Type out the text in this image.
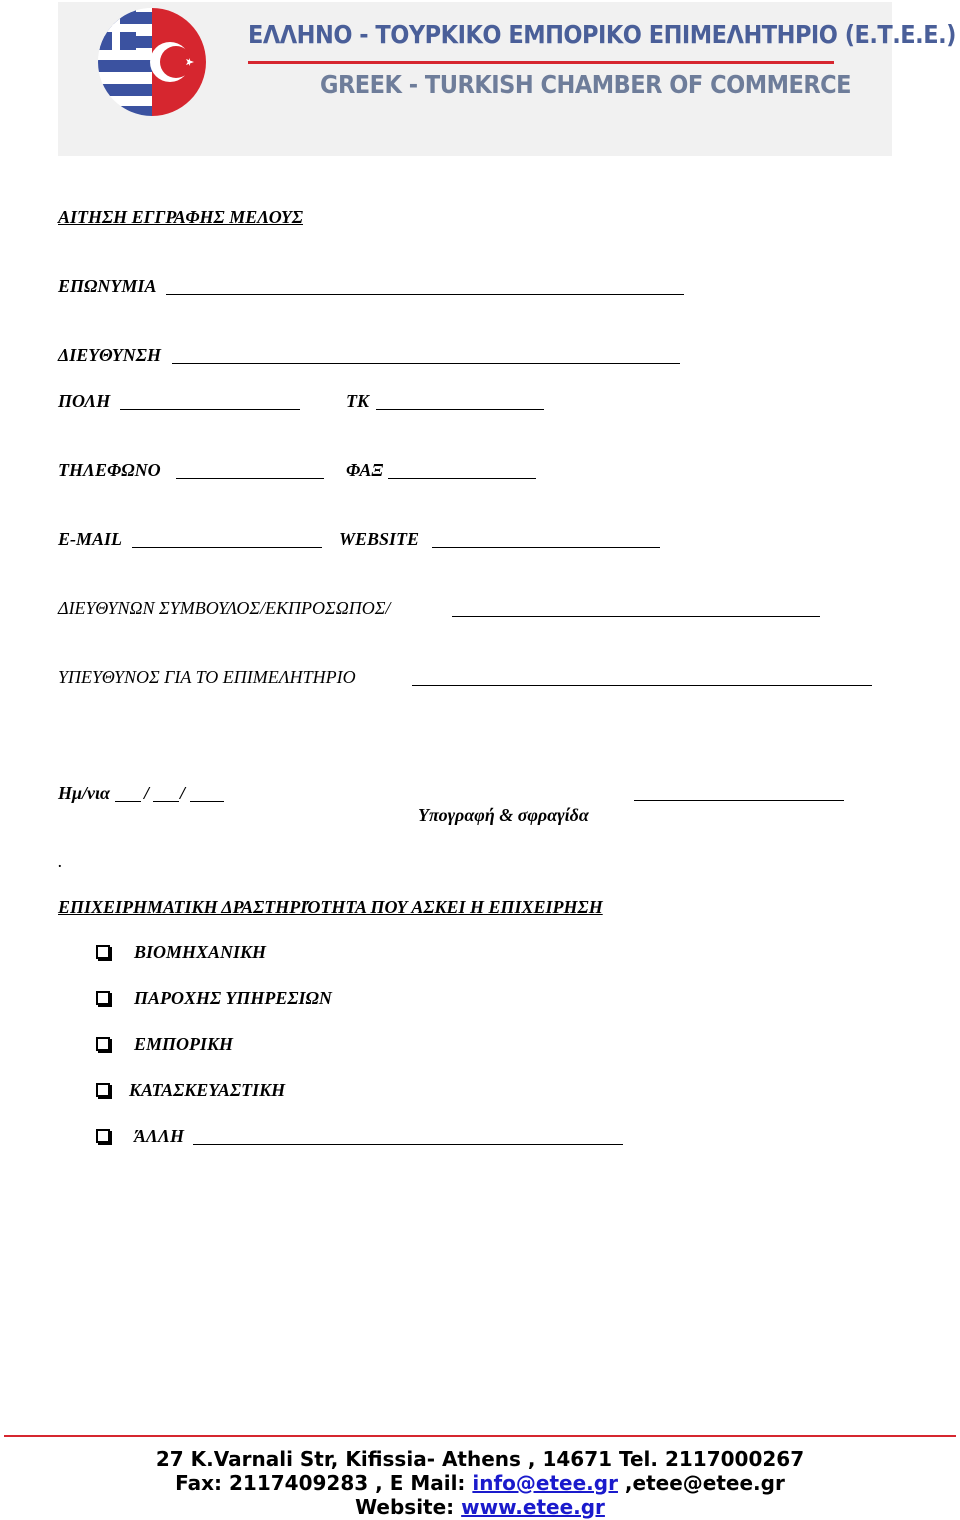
ΕΛΛΗΝΟ - ΤΟΥΡΚΙΚΟ ΕΜΠΟΡΙΚΟ ΕΠΙΜΕΛΗΤΗΡΙΟ (Ε.Τ.Ε.Ε.)
GREEK - TURKISH CHAMBER OF COMMERCE
ΑΙΤΗΣΗ ΕΓΓΡΑΦΗΣ ΜΕΛΟΥΣ
ΕΠΩΝΥΜΙΑ
ΔΙΕΥΘΥΝΣΗ
ΠΟΛΗ	ΤΚ
ΤΗΛΕΦΩΝΟ	ΦΑΞ
E-MAIL	WEBSITE
ΔΙΕΥΘΥΝΩΝ ΣΥΜΒΟΥΛΟΣ/ΕΚΠΡΟΣΩΠΟΣ/
ΥΠΕΥΘΥΝΟΣ ΓΙΑ ΤΟ ΕΠΙΜΕΛΗΤΗΡΙΟ
Ημ/νια / /
Υπογραφή & σφραγίδα
.
ΕΠΙΧΕΙΡΗΜΑΤΙΚΗ ΔΡΑΣΤΗΡΙΌΤΗΤΑ ΠΟΥ ΑΣΚΕΙ Η ΕΠΙΧΕΙΡΗΣΗ
ΒΙΟΜΗΧΑΝΙΚΗ
ΠΑΡΟΧΗΣ ΥΠΗΡΕΣΙΩΝ
ΕΜΠΟΡΙΚΗ
ΚΑΤΑΣΚΕΥΑΣΤΙΚΗ
ΆΛΛΗ
27 K.Varnali Str, Kifissia- Athens , 14671 Tel. 2117000267
Fax: 2117409283 , E Mail: info@etee.gr ,etee@etee.gr
Website: www.etee.gr
